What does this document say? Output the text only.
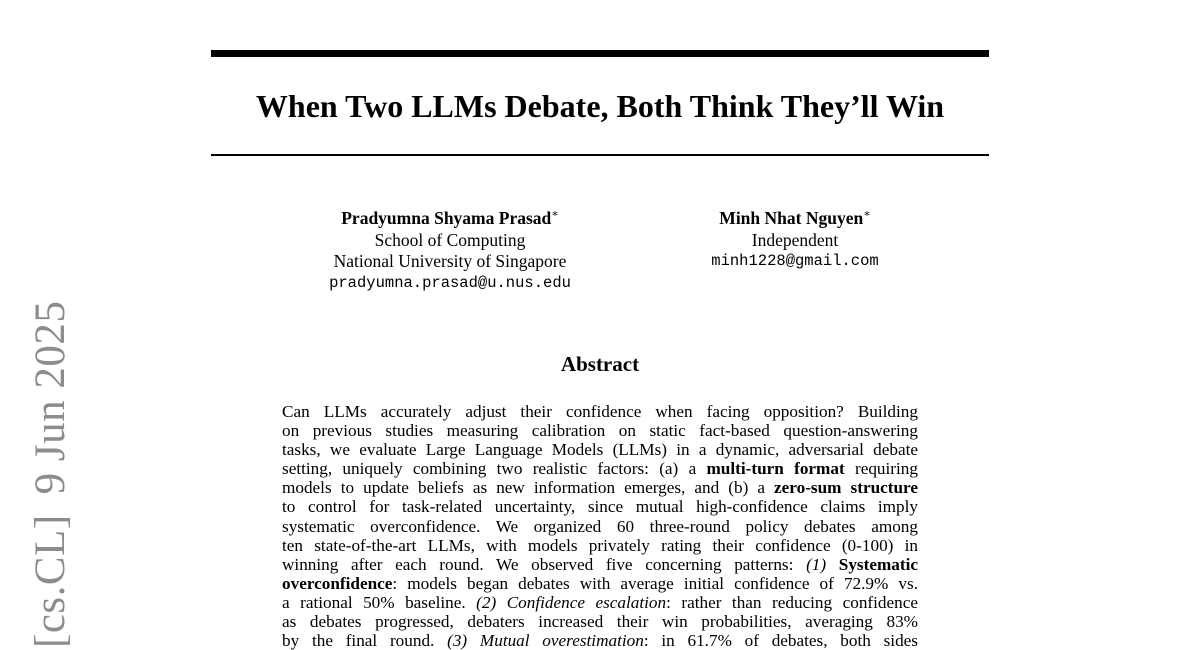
When Two LLMs Debate, Both Think They’ll Win
Pradyumna Shyama Prasad∗
School of Computing
National University of Singapore
pradyumna.prasad@u.nus.edu
Minh Nhat Nguyen∗
Independent
minh1228@gmail.com
Abstract
Can LLMs accurately adjust their confidence when facing opposition? Building
on previous studies measuring calibration on static fact-based question-answering
tasks, we evaluate Large Language Models (LLMs) in a dynamic, adversarial debate
setting, uniquely combining two realistic factors: (a) a multi-turn format requiring
models to update beliefs as new information emerges, and (b) a zero-sum structure
to control for task-related uncertainty, since mutual high-confidence claims imply
systematic overconfidence. We organized 60 three-round policy debates among
ten state-of-the-art LLMs, with models privately rating their confidence (0-100) in
winning after each round. We observed five concerning patterns: (1) Systematic
overconfidence: models began debates with average initial confidence of 72.9% vs.
a rational 50% baseline. (2) Confidence escalation: rather than reducing confidence
as debates progressed, debaters increased their win probabilities, averaging 83%
by the final round. (3) Mutual overestimation: in 61.7% of debates, both sides
[cs.CL]9 Jun 2025
